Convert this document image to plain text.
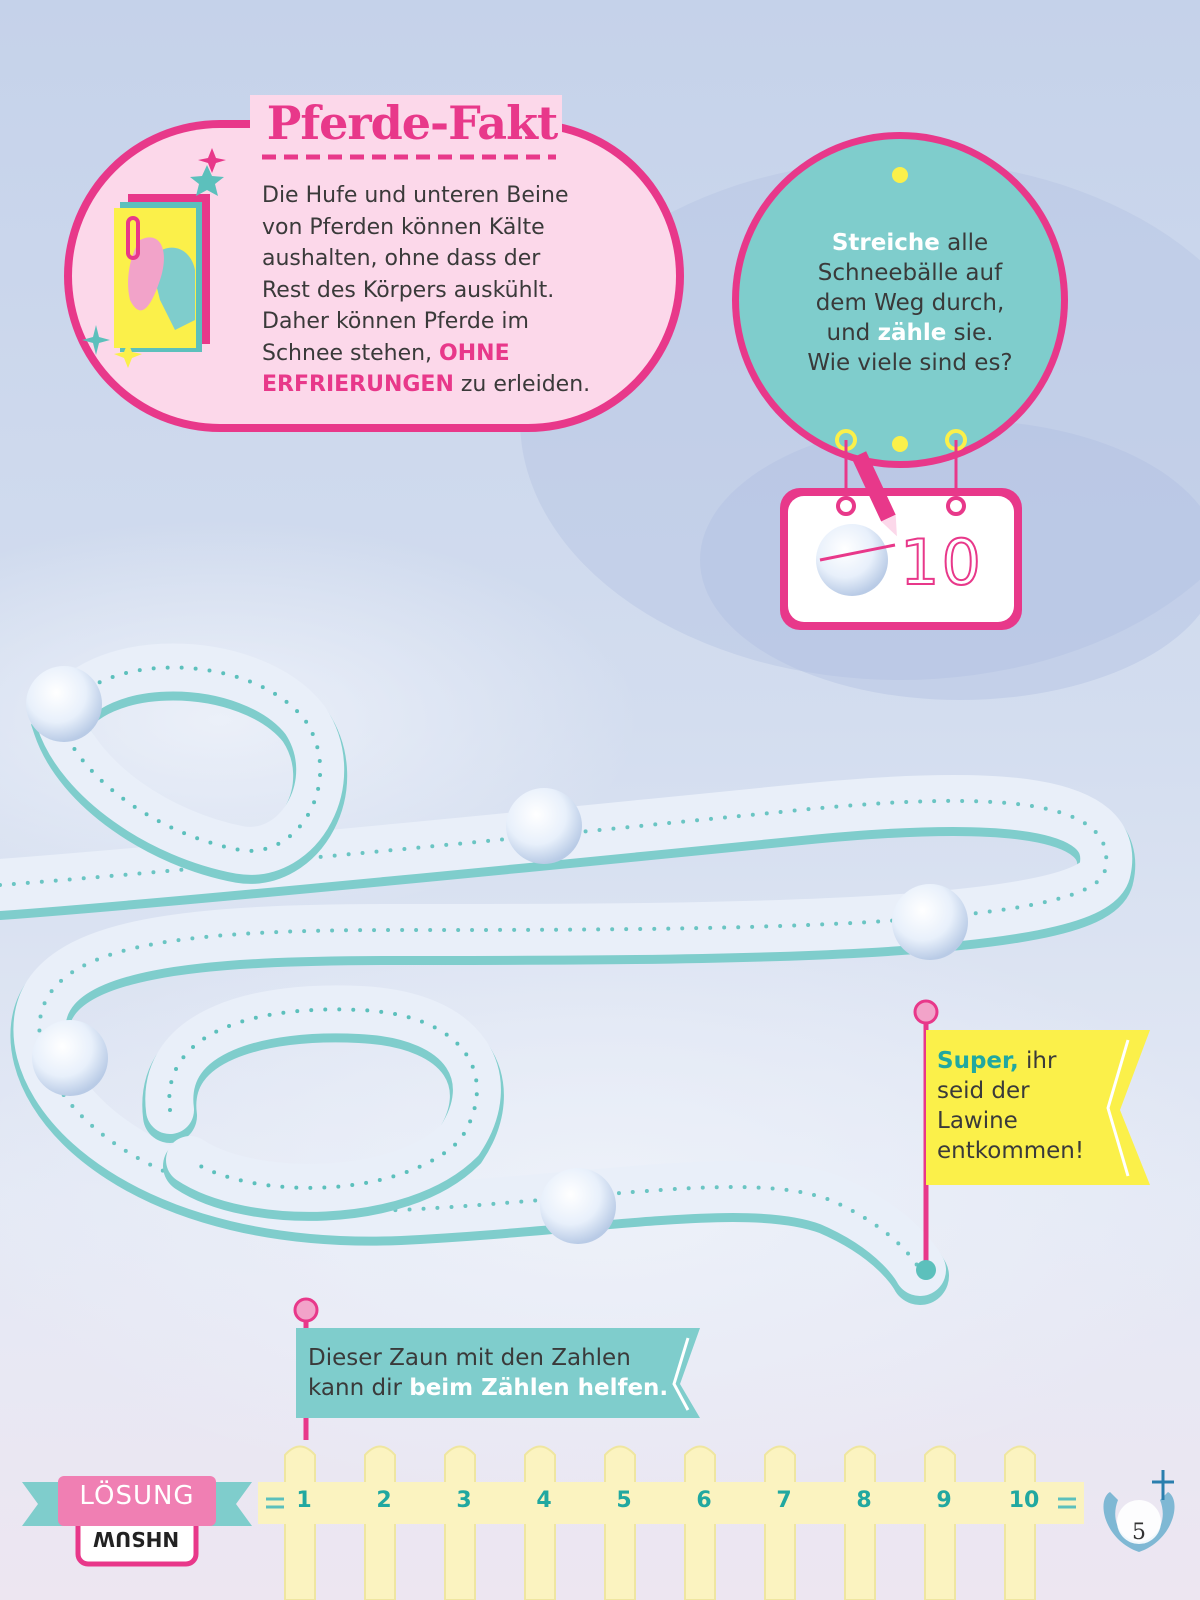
Pferde-Fakt
Die Hufe und unteren Beine
von Pferden können Kälte
aushalten, ohne dass der
Rest des Körpers auskühlt.
Daher können Pferde im
Schnee stehen, OHNE
ERFRIERUNGEN zu erleiden.
Streiche alle
Schneebälle auf
dem Weg durch,
und zähle sie.
Wie viele sind es?
10
Super, ihr
seid der
Lawine
entkommen!
Dieser Zaun mit den Zahlen
kann dir beim Zählen helfen.
1	2	3	4	5	6	7	8	9	10
LÖSUNG
NHSUW	5
